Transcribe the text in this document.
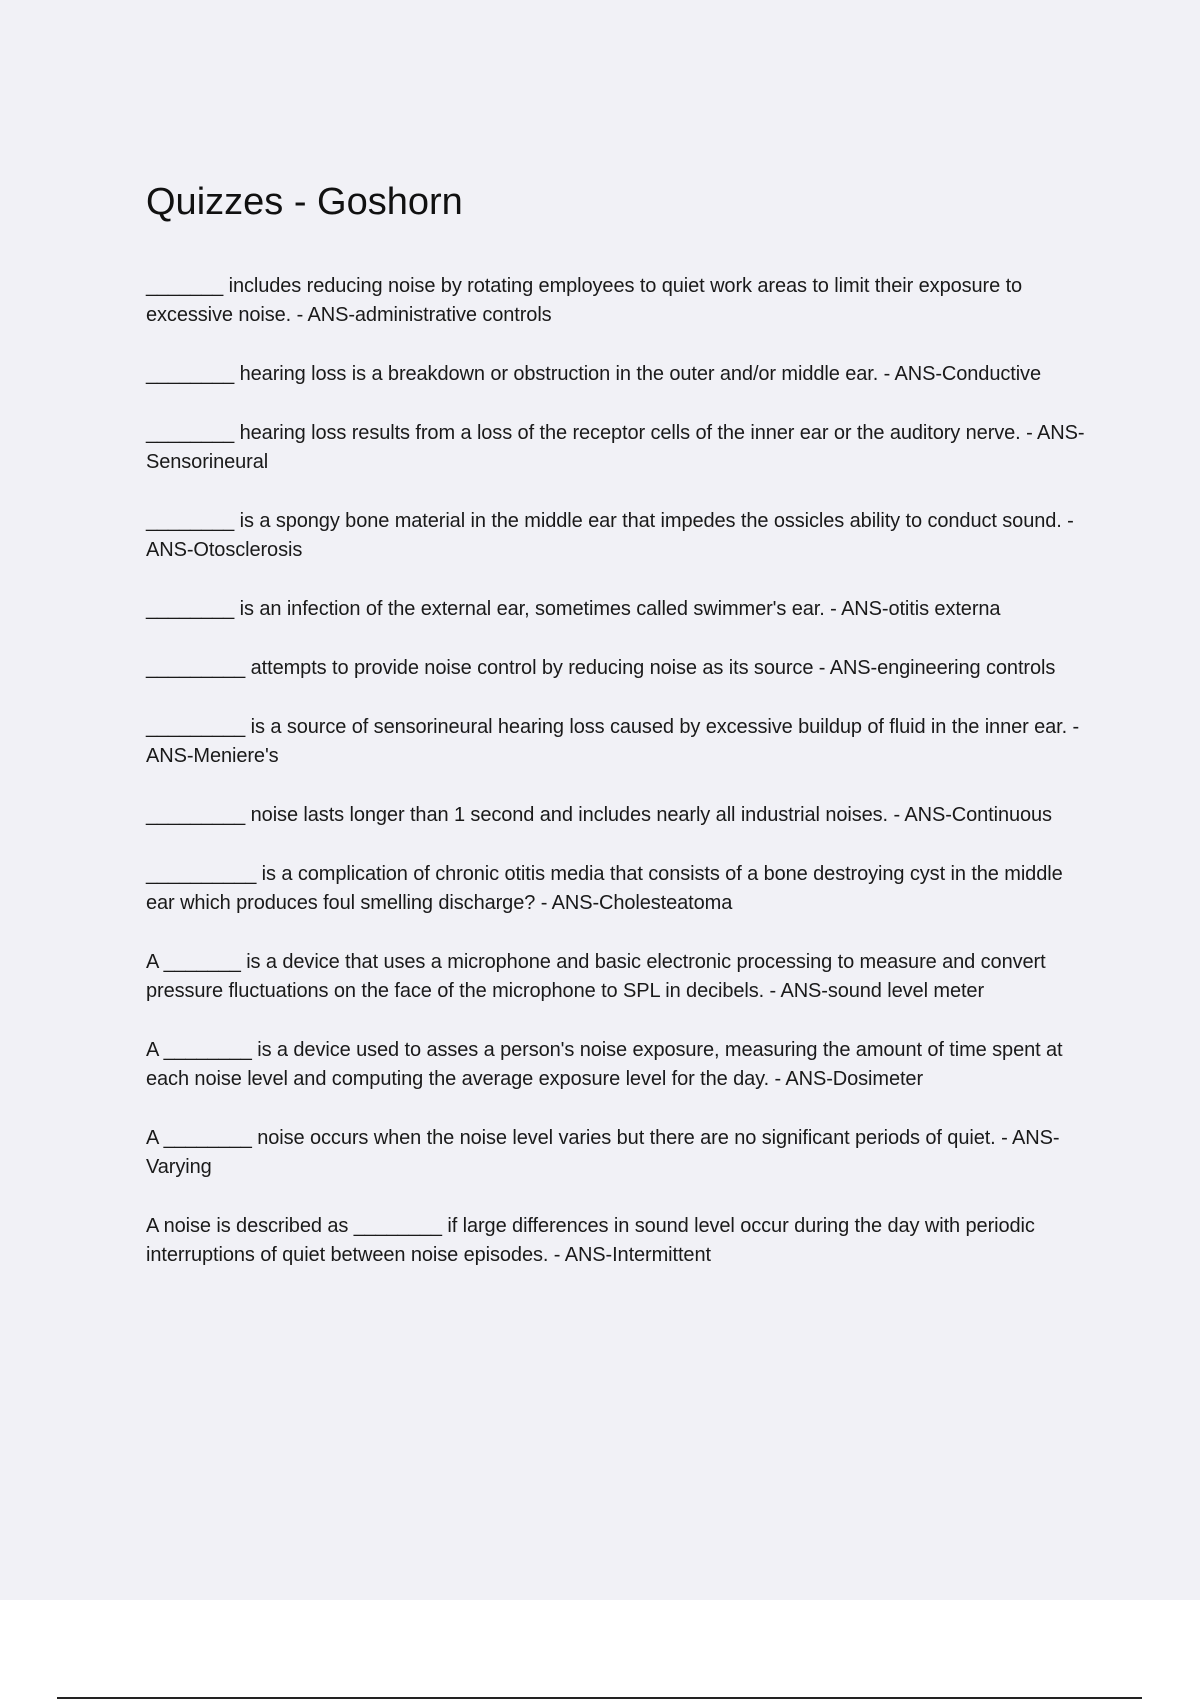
Quizzes - Goshorn
_______ includes reducing noise by rotating employees to quiet work areas to limit their exposure to excessive noise. - ANS-administrative controls
________ hearing loss is a breakdown or obstruction in the outer and/or middle ear. - ANS-Conductive
________ hearing loss results from a loss of the receptor cells of the inner ear or the auditory nerve. - ANS-Sensorineural
________ is a spongy bone material in the middle ear that impedes the ossicles ability to conduct sound. - ANS-Otosclerosis
________ is an infection of the external ear, sometimes called swimmer's ear. - ANS-otitis externa
_________ attempts to provide noise control by reducing noise as its source - ANS-engineering controls
_________ is a source of sensorineural hearing loss caused by excessive buildup of fluid in the inner ear. - ANS-Meniere's
_________ noise lasts longer than 1 second and includes nearly all industrial noises. - ANS-Continuous
__________ is a complication of chronic otitis media that consists of a bone destroying cyst in the middle ear which produces foul smelling discharge? - ANS-Cholesteatoma
A _______ is a device that uses a microphone and basic electronic processing to measure and convert pressure fluctuations on the face of the microphone to SPL in decibels. - ANS-sound level meter
A ________ is a device used to asses a person's noise exposure, measuring the amount of time spent at each noise level and computing the average exposure level for the day. - ANS-Dosimeter
A ________ noise occurs when the noise level varies but there are no significant periods of quiet. - ANS-Varying
A noise is described as ________ if large differences in sound level occur during the day with periodic interruptions of quiet between noise episodes. - ANS-Intermittent
